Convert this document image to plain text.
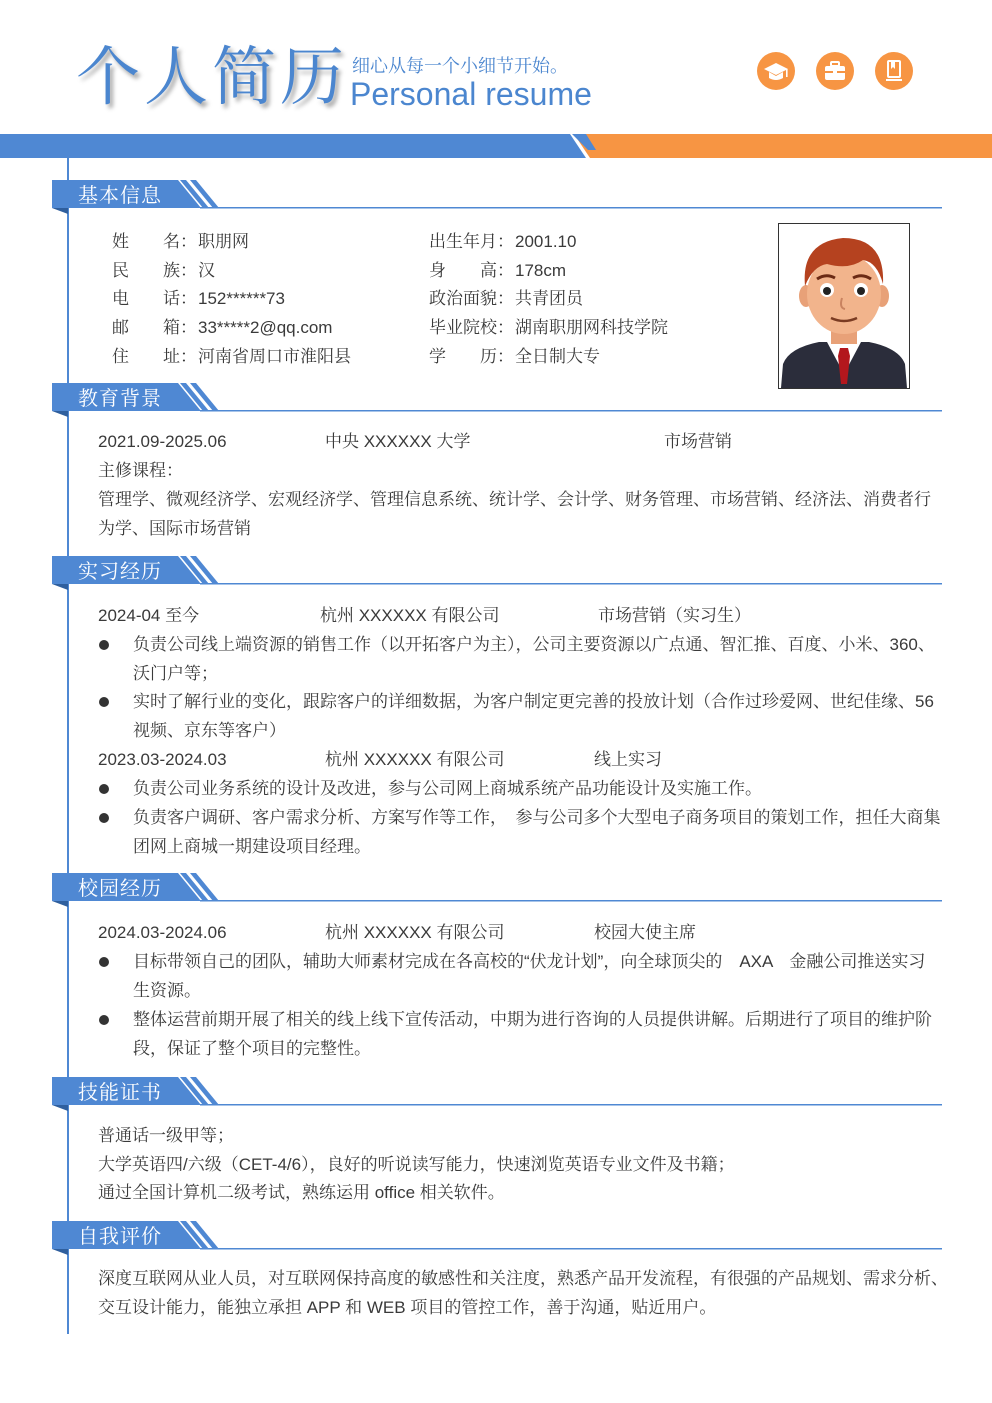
个人简历 细心从每一个小细节开始。
Personal resume
基本信息
教育背景
实习经历
校园经历
技能证书
自我评价
姓　　名： 职朋网
民　　族： 汉
电　　话： 152******73
邮　　箱： 33*****2@qq.com
住　　址： 河南省周口市淮阳县
出生年月： 2001.10
身　　高： 178cm
政治面貌： 共青团员
毕业院校： 湖南职朋网科技学院
学　　历： 全日制大专
2021.09-2025.06	中央 XXXXXX 大学	市场营销
主修课程：
管理学、微观经济学、宏观经济学、管理信息系统、统计学、会计学、财务管理、市场营销、经济法、消费者行
为学、国际市场营销
2024-04 至今	杭州 XXXXXX 有限公司	市场营销（实习生）
负责公司线上端资源的销售工作（以开拓客户为主），公司主要资源以广点通、智汇推、百度、小米、360、
沃门户等；
实时了解行业的变化，跟踪客户的详细数据，为客户制定更完善的投放计划（合作过珍爱网、世纪佳缘、56
视频、京东等客户）
2023.03-2024.03	杭州 XXXXXX 有限公司	线上实习
负责公司业务系统的设计及改进，参与公司网上商城系统产品功能设计及实施工作。
负责客户调研、客户需求分析、方案写作等工作，　参与公司多个大型电子商务项目的策划工作，担任大商集
团网上商城一期建设项目经理。
2024.03-2024.06	杭州 XXXXXX 有限公司	校园大使主席
目标带领自己的团队，辅助大师素材完成在各高校的“伏龙计划”，向全球顶尖的　AXA　金融公司推送实习
生资源。
整体运营前期开展了相关的线上线下宣传活动，中期为进行咨询的人员提供讲解。后期进行了项目的维护阶
段，保证了整个项目的完整性。
普通话一级甲等；
大学英语四/六级（CET-4/6），良好的听说读写能力，快速浏览英语专业文件及书籍；
通过全国计算机二级考试，熟练运用 office 相关软件。
深度互联网从业人员，对互联网保持高度的敏感性和关注度，熟悉产品开发流程，有很强的产品规划、需求分析、
交互设计能力，能独立承担 APP 和 WEB 项目的管控工作，善于沟通，贴近用户。
